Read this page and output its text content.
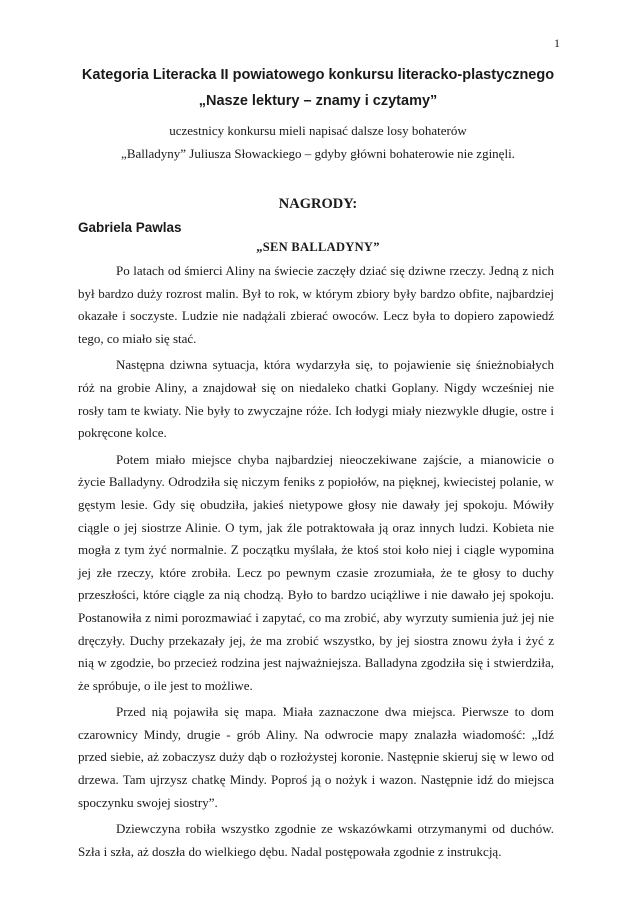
1

Kategoria Literacka II powiatowego konkursu literacko-plastycznego

„Nasze lektury – znamy i czytamy”

uczestnicy konkursu mieli napisać dalsze losy bohaterów

„Balladyny” Juliusza Słowackiego – gdyby główni bohaterowie nie zginęli.

NAGRODY:
Gabriela Pawlas
„SEN BALLADYNY”

Po latach od śmierci Aliny na świecie zaczęły dziać się dziwne rzeczy. Jedną z nich był bardzo duży rozrost malin. Był to rok, w którym zbiory były bardzo obfite, najbardziej okazałe i soczyste. Ludzie nie nadążali zbierać owoców. Lecz była to dopiero zapowiedź tego, co miało się stać.

Następna dziwna sytuacja, która wydarzyła się, to pojawienie się śnieżnobiałych róż na grobie Aliny, a znajdował się on niedaleko chatki Goplany. Nigdy wcześniej nie rosły tam te kwiaty. Nie były to zwyczajne róże. Ich łodygi miały niezwykle długie, ostre i pokręcone kolce.

Potem miało miejsce chyba najbardziej nieoczekiwane zajście, a mianowicie o życie Balladyny. Odrodziła się niczym feniks z popiołów, na pięknej, kwiecistej polanie, w gęstym lesie. Gdy się obudziła, jakieś nietypowe głosy nie dawały jej spokoju. Mówiły ciągle o jej siostrze Alinie. O tym, jak źle potraktowała ją oraz innych ludzi. Kobieta nie mogła z tym żyć normalnie. Z początku myślała, że ktoś stoi koło niej i ciągle wypomina jej złe rzeczy, które zrobiła. Lecz po pewnym czasie zrozumiała, że te głosy to duchy przeszłości, które ciągle za nią chodzą. Było to bardzo uciążliwe i nie dawało jej spokoju. Postanowiła z nimi porozmawiać i zapytać, co ma zrobić, aby wyrzuty sumienia już jej nie dręczyły. Duchy przekazały jej, że ma zrobić wszystko, by jej siostra znowu żyła i żyć z nią w zgodzie, bo przecież rodzina jest najważniejsza. Balladyna zgodziła się i stwierdziła, że spróbuje, o ile jest to możliwe.

Przed nią pojawiła się mapa. Miała zaznaczone dwa miejsca. Pierwsze to dom czarownicy Mindy, drugie - grób Aliny. Na odwrocie mapy znalazła wiadomość: „Idź przed siebie, aż zobaczysz duży dąb o rozłożystej koronie. Następnie skieruj się w lewo od drzewa. Tam ujrzysz chatkę Mindy. Poproś ją o nożyk i wazon. Następnie idź do miejsca spoczynku swojej siostry”.

Dziewczyna robiła wszystko zgodnie ze wskazówkami otrzymanymi od duchów. Szła i szła, aż doszła do wielkiego dębu. Nadal postępowała zgodnie z instrukcją.
